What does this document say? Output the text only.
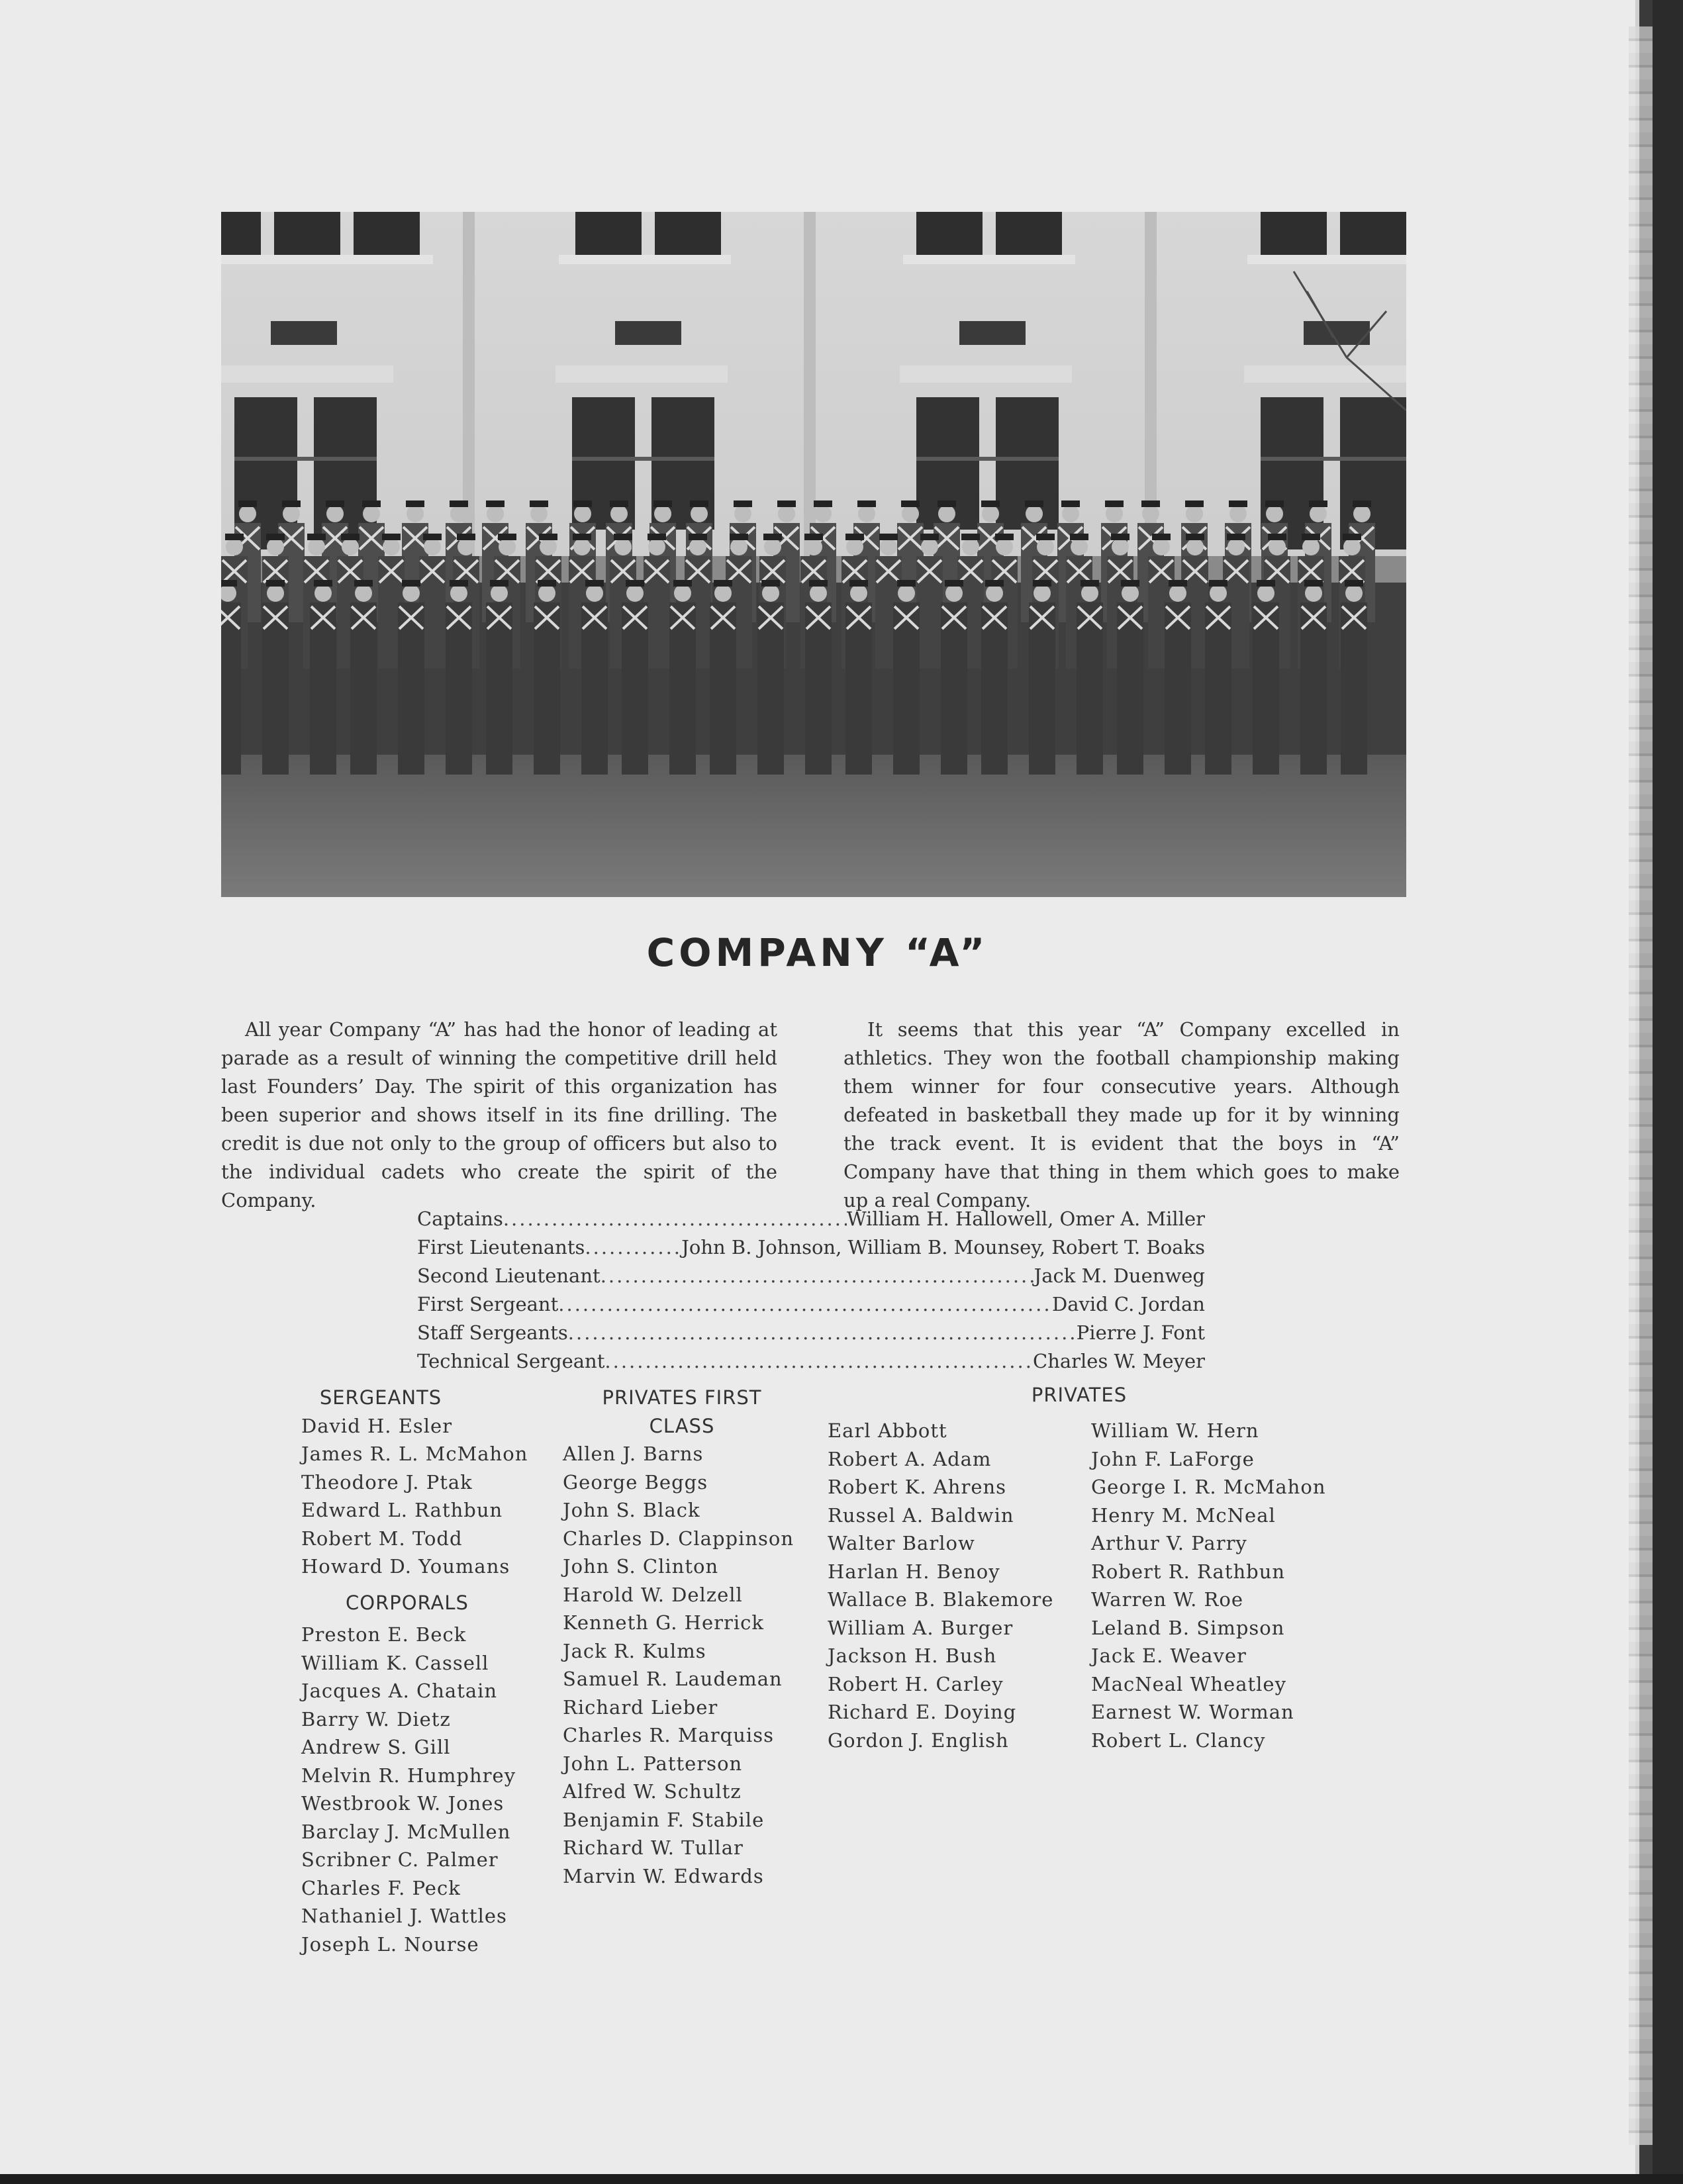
COMPANY “A”

All year Company “A” has had the honor of leading at parade as a result of winning the competitive drill held last Founders’ Day. The spirit of this organization has been superior and shows itself in its fine drilling. The credit is due not only to the group of officers but also to the individual cadets who create the spirit of the Company.

It seems that this year “A” Company excelled in athletics. They won the football championship making them winner for four consecutive years. Although defeated in basketball they made up for it by winning the track event. It is evident that the boys in “A” Company have that thing in them which goes to make up a real Company.

Captains .....	William H. Hallowell, Omer A. Miller
First Lieutenants .....	John B. Johnson, William B. Mounsey, Robert T. Boaks
Second Lieutenant .....	Jack M. Duenweg
First Sergeant .....	David C. Jordan
Staff Sergeants .....	Pierre J. Font
Technical Sergeant .....	Charles W. Meyer
SERGEANTS
David H. Esler
James R. L. McMahon
Theodore J. Ptak
Edward L. Rathbun
Robert M. Todd
Howard D. Youmans
CORPORALS
Preston E. Beck
William K. Cassell
Jacques A. Chatain
Barry W. Dietz
Andrew S. Gill
Melvin R. Humphrey
Westbrook W. Jones
Barclay J. McMullen
Scribner C. Palmer
Charles F. Peck
Nathaniel J. Wattles
Joseph L. Nourse
PRIVATES FIRST
CLASS
Allen J. Barns
George Beggs
John S. Black
Charles D. Clappinson
John S. Clinton
Harold W. Delzell
Kenneth G. Herrick
Jack R. Kulms
Samuel R. Laudeman
Richard Lieber
Charles R. Marquiss
John L. Patterson
Alfred W. Schultz
Benjamin F. Stabile
Richard W. Tullar
Marvin W. Edwards
PRIVATES
Earl Abbott
Robert A. Adam
Robert K. Ahrens
Russel A. Baldwin
Walter Barlow
Harlan H. Benoy
Wallace B. Blakemore
William A. Burger
Jackson H. Bush
Robert H. Carley
Richard E. Doying
Gordon J. English
William W. Hern
John F. LaForge
George I. R. McMahon
Henry M. McNeal
Arthur V. Parry
Robert R. Rathbun
Warren W. Roe
Leland B. Simpson
Jack E. Weaver
MacNeal Wheatley
Earnest W. Worman
Robert L. Clancy
